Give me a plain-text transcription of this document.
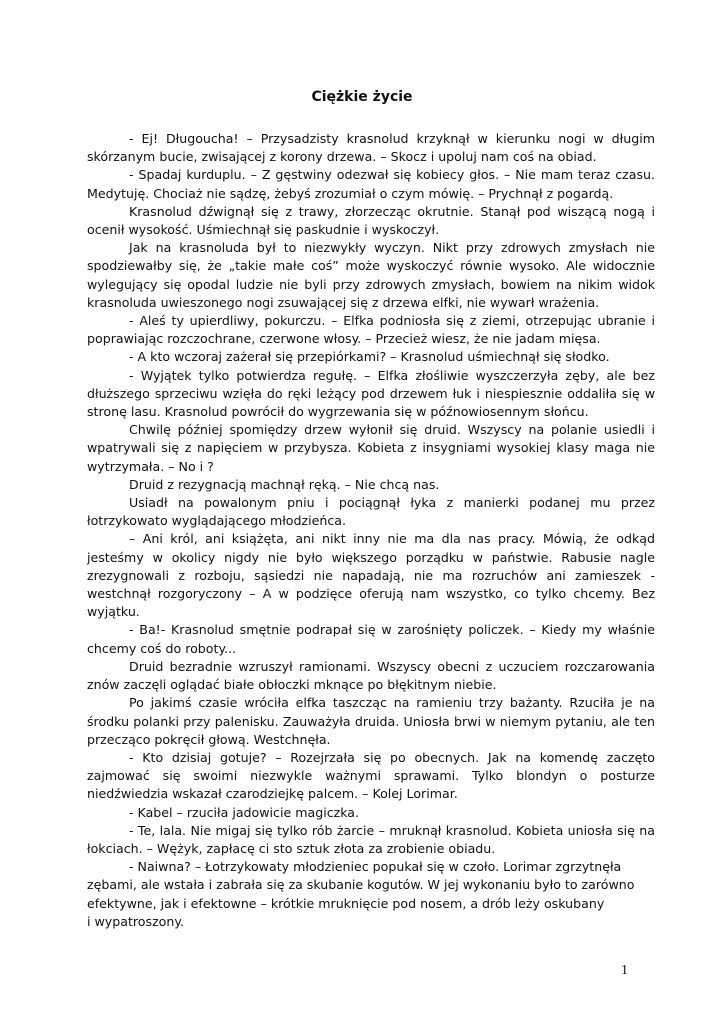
Ciężkie życie

- Ej! Długoucha! – Przysadzisty krasnolud krzyknął w kierunku nogi w długim skórzanym bucie, zwisającej z korony drzewa. – Skocz i upoluj nam coś na obiad.

- Spadaj kurduplu. – Z gęstwiny odezwał się kobiecy głos. – Nie mam teraz czasu. Medytuję. Chociaż nie sądzę, żebyś zrozumiał o czym mówię. – Prychnął z pogardą.

Krasnolud dźwignął się z trawy, złorzecząc okrutnie. Stanął pod wiszącą nogą i ocenił wysokość. Uśmiechnął się paskudnie i wyskoczył.

Jak na krasnoluda był to niezwykły wyczyn. Nikt przy zdrowych zmysłach nie spodziewałby się, że „takie małe coś” może wyskoczyć równie wysoko. Ale widocznie wylegujący się opodal ludzie nie byli przy zdrowych zmysłach, bowiem na nikim widok krasnoluda uwieszonego nogi zsuwającej się z drzewa elfki, nie wywarł wrażenia.

- Aleś ty upierdliwy, pokurczu. – Elfka podniosła się z ziemi, otrzepując ubranie i poprawiając rozczochrane, czerwone włosy. – Przecież wiesz, że nie jadam mięsa.

- A kto wczoraj zażerał się przepiórkami? – Krasnolud uśmiechnął się słodko.

- Wyjątek tylko potwierdza regułę. – Elfka złośliwie wyszczerzyła zęby, ale bez dłuższego sprzeciwu wzięła do ręki leżący pod drzewem łuk i niespiesznie oddaliła się w stronę lasu. Krasnolud powrócił do wygrzewania się w późnowiosennym słońcu.

Chwilę później spomiędzy drzew wyłonił się druid. Wszyscy na polanie usiedli i wpatrywali się z napięciem w przybysza. Kobieta z insygniami wysokiej klasy maga nie wytrzymała. – No i ?

Druid z rezygnacją machnął ręką. – Nie chcą nas.

Usiadł na powalonym pniu i pociągnął łyka z manierki podanej mu przez łotrzykowato wyglądającego młodzieńca.

– Ani król, ani książęta, ani nikt inny nie ma dla nas pracy. Mówią, że odkąd jesteśmy w okolicy nigdy nie było większego porządku w państwie. Rabusie nagle zrezygnowali z rozboju, sąsiedzi nie napadają, nie ma rozruchów ani zamieszek - westchnął rozgoryczony – A w podzięce oferują nam wszystko, co tylko chcemy. Bez wyjątku.

- Ba!- Krasnolud smętnie podrapał się w zarośnięty policzek. – Kiedy my właśnie chcemy coś do roboty...

Druid bezradnie wzruszył ramionami. Wszyscy obecni z uczuciem rozczarowania znów zaczęli oglądać białe obłoczki mknące po błękitnym niebie.

Po jakimś czasie wróciła elfka taszcząc na ramieniu trzy bażanty. Rzuciła je na środku polanki przy palenisku. Zauważyła druida. Uniosła brwi w niemym pytaniu, ale ten przecząco pokręcił głową. Westchnęła.

- Kto dzisiaj gotuje? – Rozejrzała się po obecnych. Jak na komendę zaczęto zajmować się swoimi niezwykle ważnymi sprawami. Tylko blondyn o posturze niedźwiedzia wskazał czarodziejkę palcem. – Kolej Lorimar.

- Kabel – rzuciła jadowicie magiczka.

- Te, lala. Nie migaj się tylko rób żarcie – mruknął krasnolud. Kobieta uniosła się na łokciach. – Wężyk, zapłacę ci sto sztuk złota za zrobienie obiadu.

- Naiwna? – Łotrzykowaty młodzieniec popukał się w czoło. Lorimar zgrzytnęła zębami, ale wstała i zabrała się za skubanie kogutów. W jej wykonaniu było to zarówno efektywne, jak i efektowne – krótkie mruknięcie pod nosem, a drób leży oskubany

i wypatroszony.

1
